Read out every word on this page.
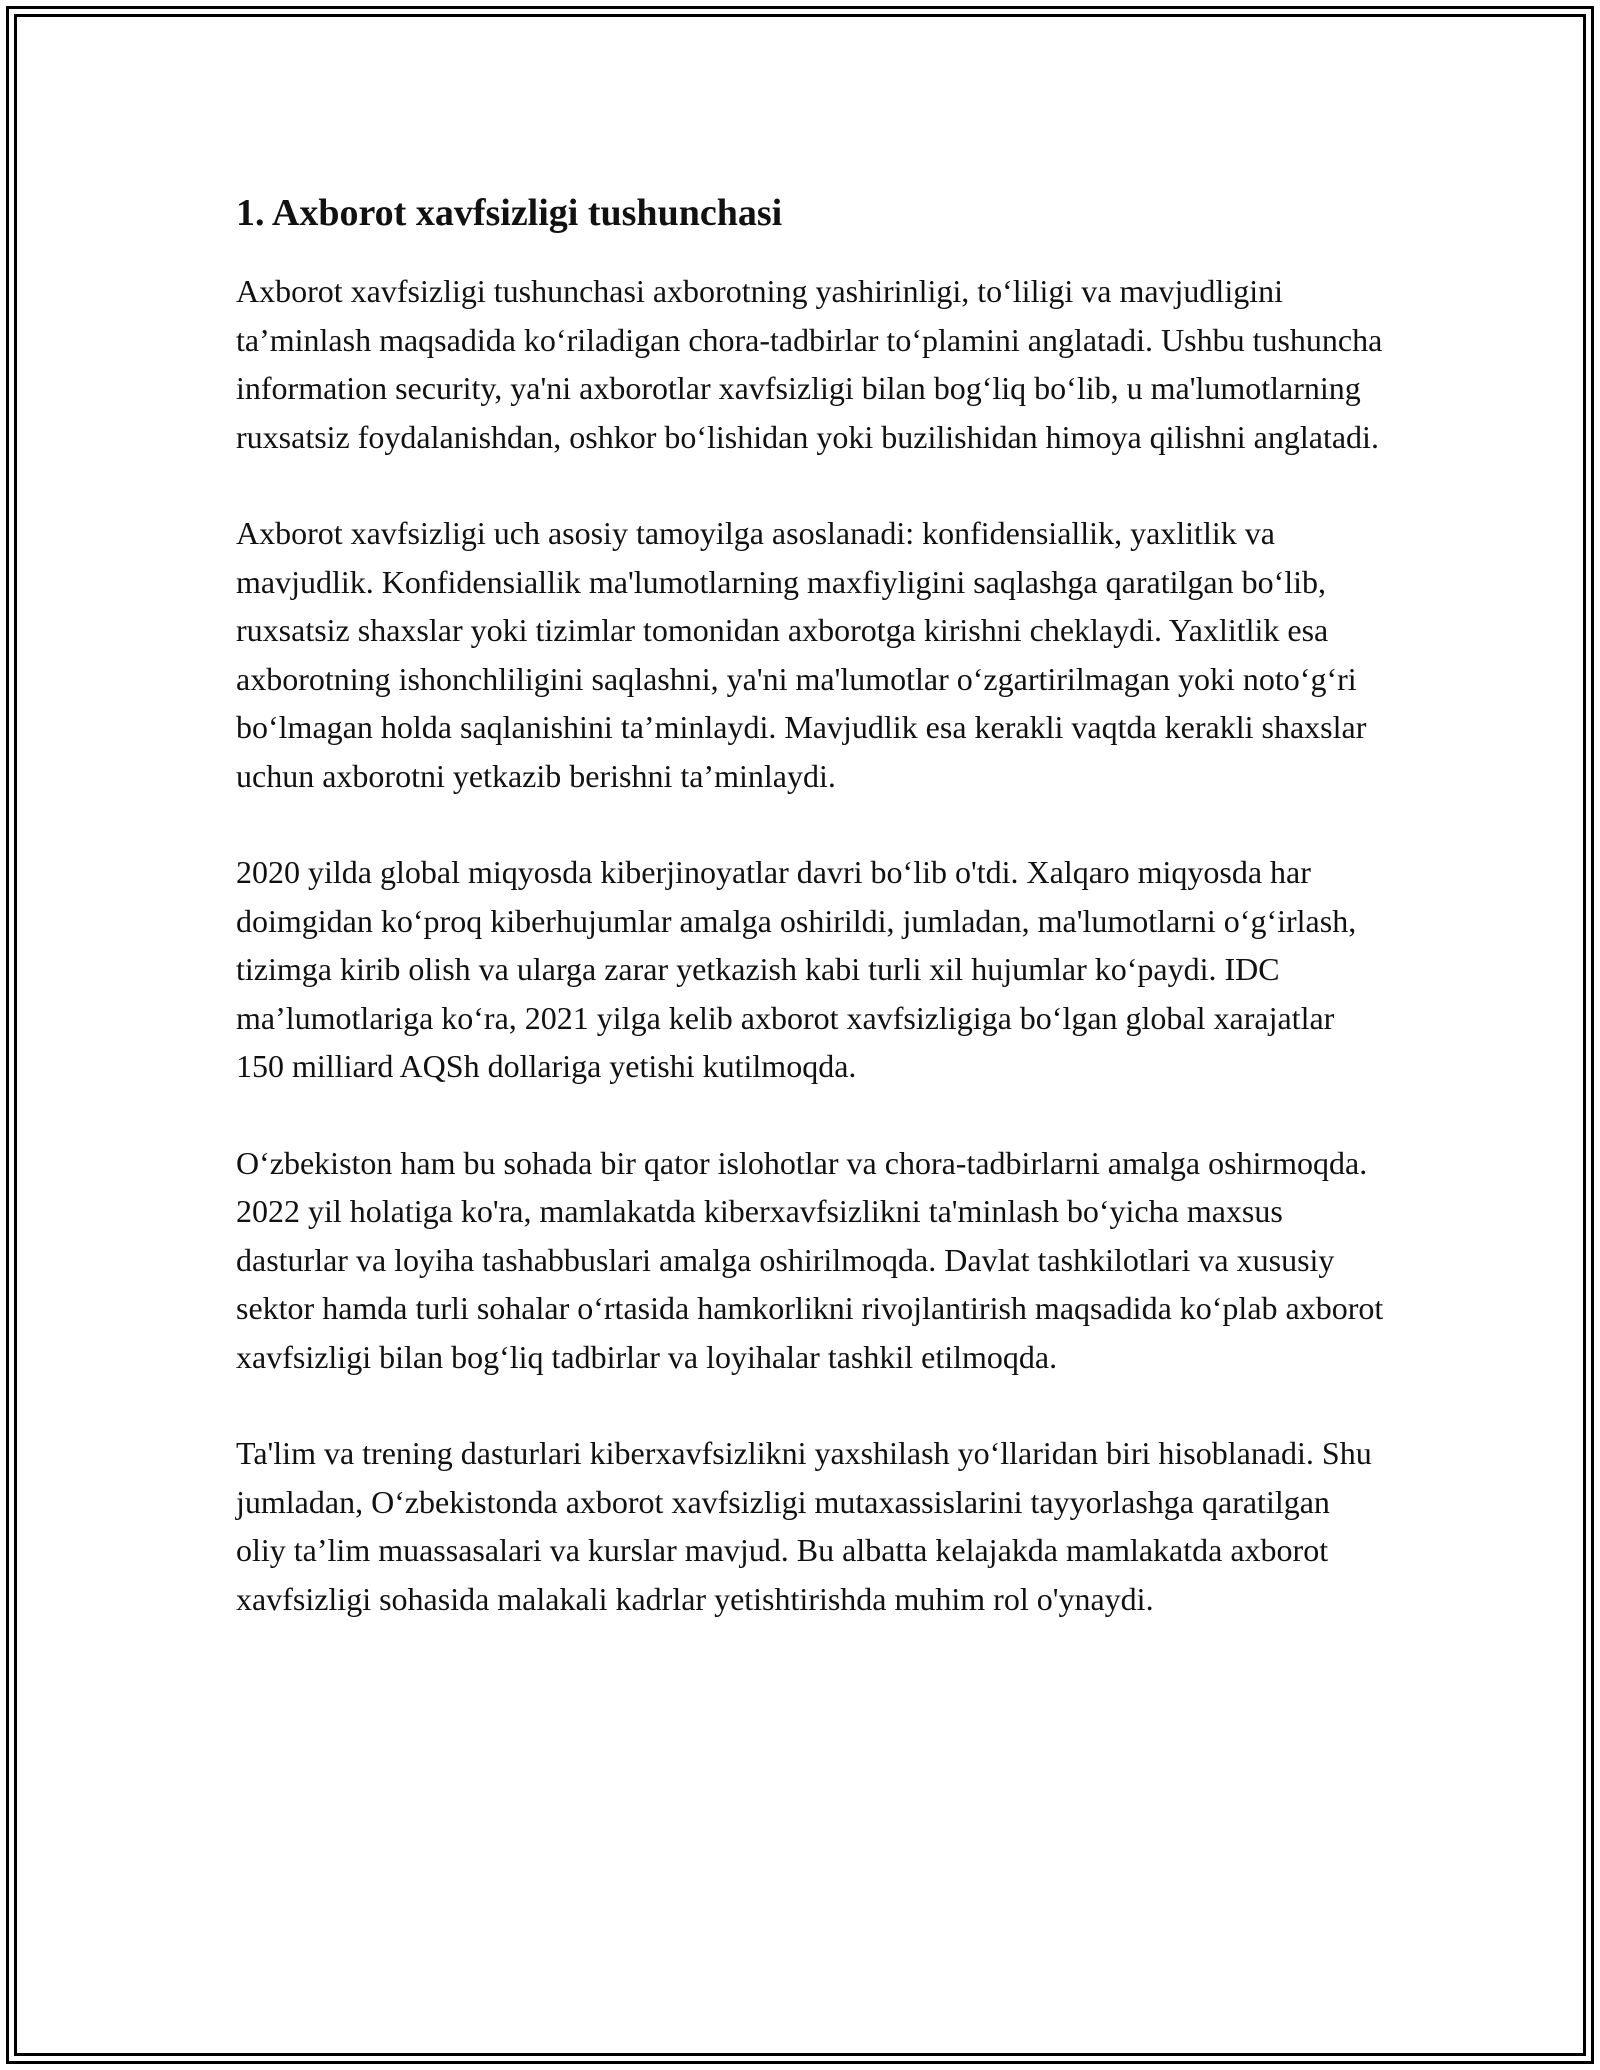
1. Axborot xavfsizligi tushunchasi

Axborot xavfsizligi tushunchasi axborotning yashirinligi, to‘liligi va mavjudligini ta’minlash maqsadida ko‘riladigan chora-tadbirlar to‘plamini anglatadi. Ushbu tushuncha information security, ya'ni axborotlar xavfsizligi bilan bog‘liq bo‘lib, u ma'lumotlarning ruxsatsiz foydalanishdan, oshkor bo‘lishidan yoki buzilishidan himoya qilishni anglatadi.

Axborot xavfsizligi uch asosiy tamoyilga asoslanadi: konfidensiallik, yaxlitlik va mavjudlik. Konfidensiallik ma'lumotlarning maxfiyligini saqlashga qaratilgan bo‘lib, ruxsatsiz shaxslar yoki tizimlar tomonidan axborotga kirishni cheklaydi. Yaxlitlik esa axborotning ishonchliligini saqlashni, ya'ni ma'lumotlar o‘zgartirilmagan yoki noto‘g‘ri bo‘lmagan holda saqlanishini ta’minlaydi. Mavjudlik esa kerakli vaqtda kerakli shaxslar uchun axborotni yetkazib berishni ta’minlaydi.

2020 yilda global miqyosda kiberjinoyatlar davri bo‘lib o'tdi. Xalqaro miqyosda har doimgidan ko‘proq kiberhujumlar amalga oshirildi, jumladan, ma'lumotlarni o‘g‘irlash, tizimga kirib olish va ularga zarar yetkazish kabi turli xil hujumlar ko‘paydi. IDC ma’lumotlariga ko‘ra, 2021 yilga kelib axborot xavfsizligiga bo‘lgan global xarajatlar 150 milliard AQSh dollariga yetishi kutilmoqda.

O‘zbekiston ham bu sohada bir qator islohotlar va chora-tadbirlarni amalga oshirmoqda. 2022 yil holatiga ko'ra, mamlakatda kiberxavfsizlikni ta'minlash bo‘yicha maxsus dasturlar va loyiha tashabbuslari amalga oshirilmoqda. Davlat tashkilotlari va xususiy sektor hamda turli sohalar o‘rtasida hamkorlikni rivojlantirish maqsadida ko‘plab axborot xavfsizligi bilan bog‘liq tadbirlar va loyihalar tashkil etilmoqda.

Ta'lim va trening dasturlari kiberxavfsizlikni yaxshilash yo‘llaridan biri hisoblanadi. Shu jumladan, O‘zbekistonda axborot xavfsizligi mutaxassislarini tayyorlashga qaratilgan oliy ta’lim muassasalari va kurslar mavjud. Bu albatta kelajakda mamlakatda axborot xavfsizligi sohasida malakali kadrlar yetishtirishda muhim rol o'ynaydi.
